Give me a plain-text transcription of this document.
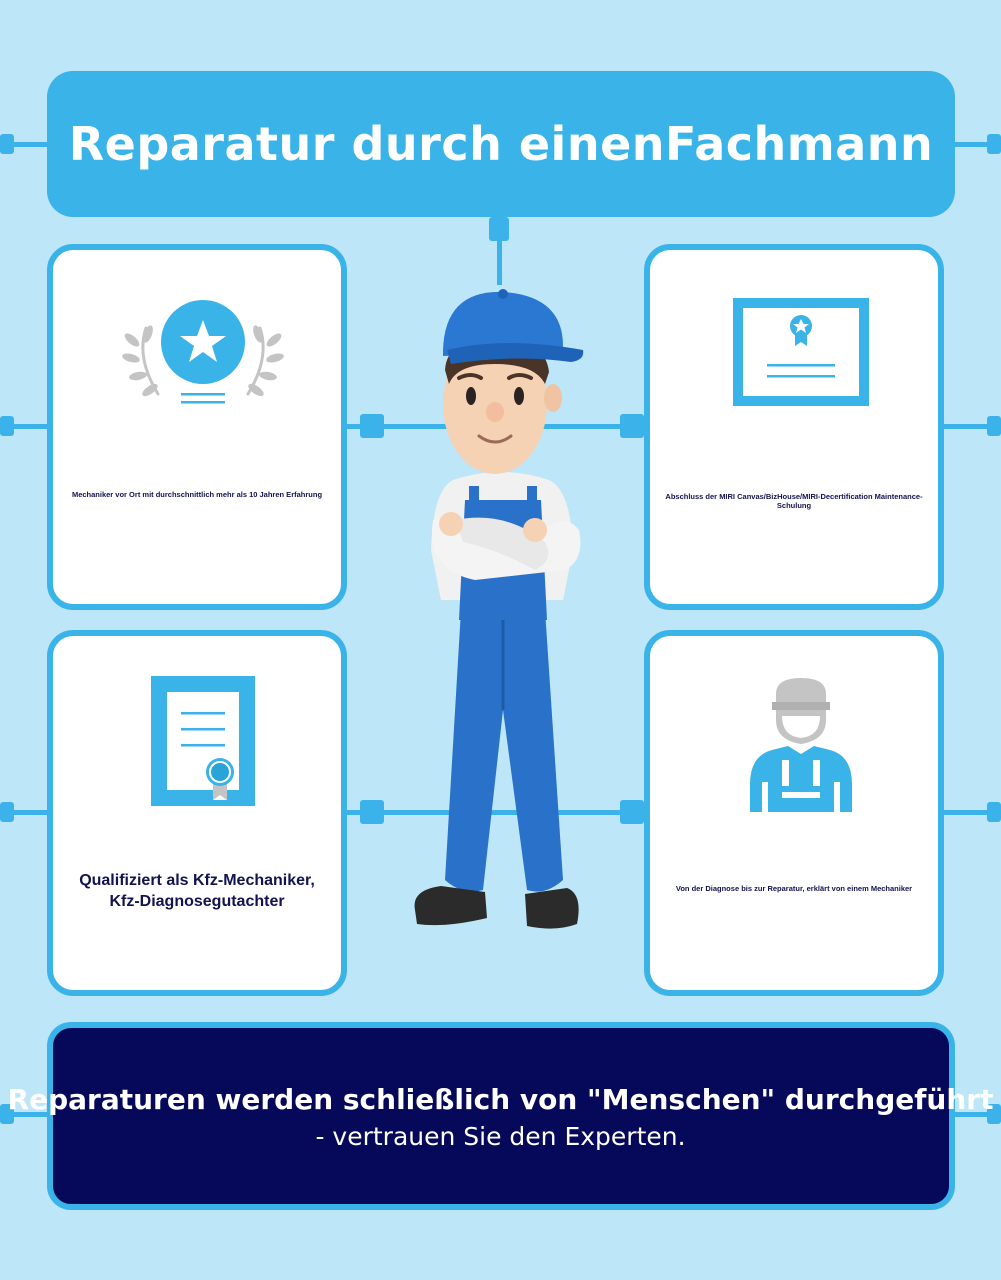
Reparatur durch einenFachmann
Mechaniker vor Ort mit durchschnittlich mehr als 10 Jahren Erfahrung	Abschluss der MIRI Canvas/BizHouse/MIRI-Decertification Maintenance-Schulung
Qualifiziert als Kfz-Mechaniker, Kfz-Diagnosegutachter
Von der Diagnose bis zur Reparatur, erklärt von einem Mechaniker
Reparaturen werden schließlich von "Menschen" durchgeführt
- vertrauen Sie den Experten.
